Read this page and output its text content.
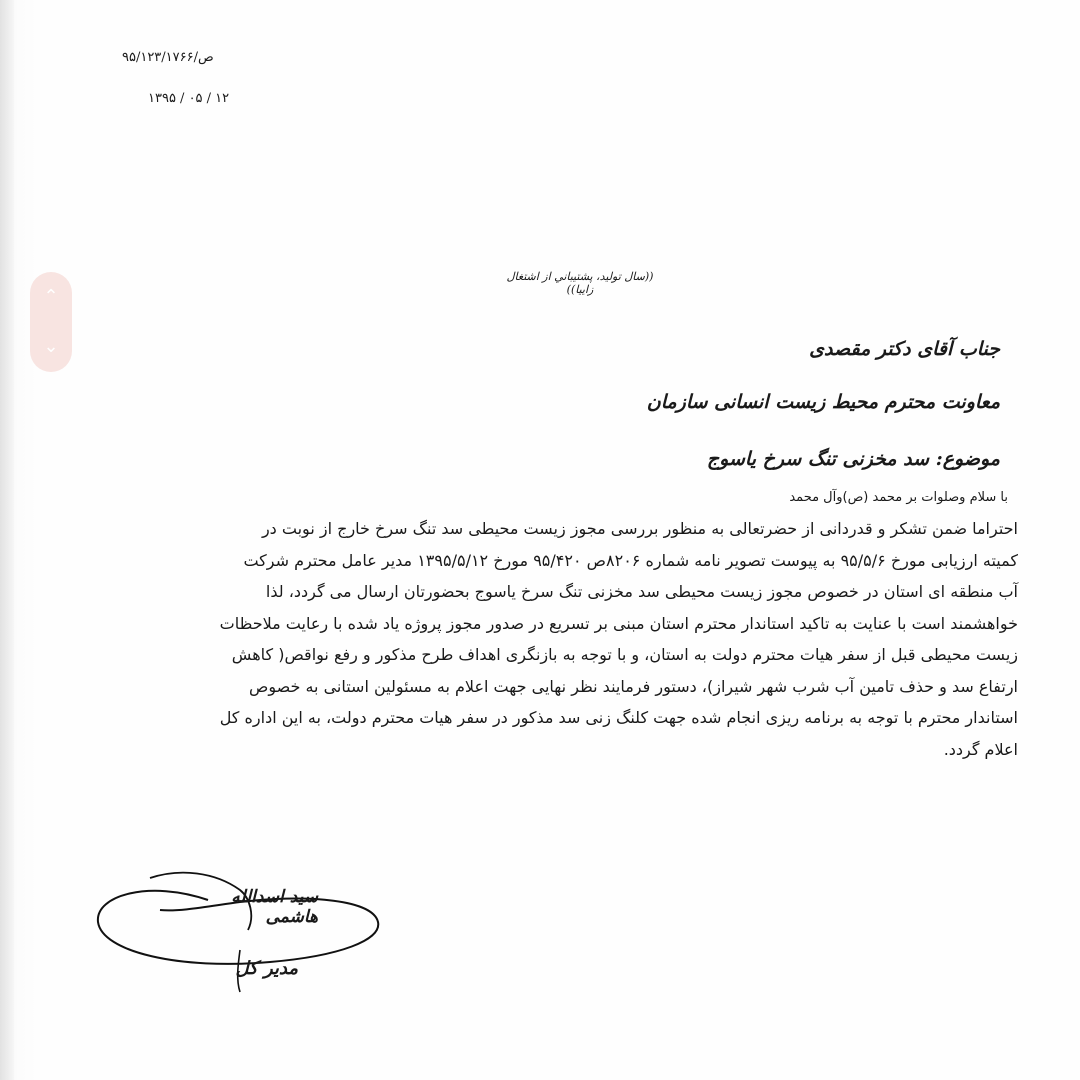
⌃
⌄
۹۵/۱۲۳/۱۷۶۶/ص
۱۳۹۵ / ۰۵ / ۱۲
((سال توليد، پشتيباني از اشتغال زاييا))
جناب آقای دکتر مقصدی
معاونت محترم محیط زیست انسانی سازمان
موضوع: سد مخزنی تنگ سرخ یاسوج
با سلام وصلوات بر محمد (ص)وآل محمد
احتراما ضمن تشکر و قدردانی از حضرتعالی به منظور بررسی مجوز زیست محیطی سد تنگ سرخ خارج از نوبت در
کمیته ارزیابی مورخ ۹۵/۵/۶ به پیوست تصویر نامه شماره ۸۲۰۶ص ۹۵/۴۲۰ مورخ ۱۳۹۵/۵/۱۲ مدیر عامل محترم شرکت
آب منطقه ای استان در خصوص مجوز زیست محیطی سد مخزنی تنگ سرخ یاسوج بحضورتان ارسال می گردد، لذا
خواهشمند است با عنایت به تاکید استاندار محترم استان مبنی بر تسریع در صدور مجوز پروژه یاد شده با رعایت ملاحظات
زیست محیطی قبل از سفر هیات محترم دولت به استان، و با توجه به بازنگری اهداف طرح مذکور و رفع نواقص( کاهش
ارتفاع سد و حذف تامین آب شرب شهر شیراز)، دستور فرمایند نظر نهایی جهت اعلام به مسئولین استانی به خصوص
استاندار محترم با توجه به برنامه ریزی انجام شده جهت کلنگ زنی سد مذکور در سفر هیات محترم دولت، به این اداره کل
اعلام گردد.
سید اسدالله هاشمی
مدیر کل
